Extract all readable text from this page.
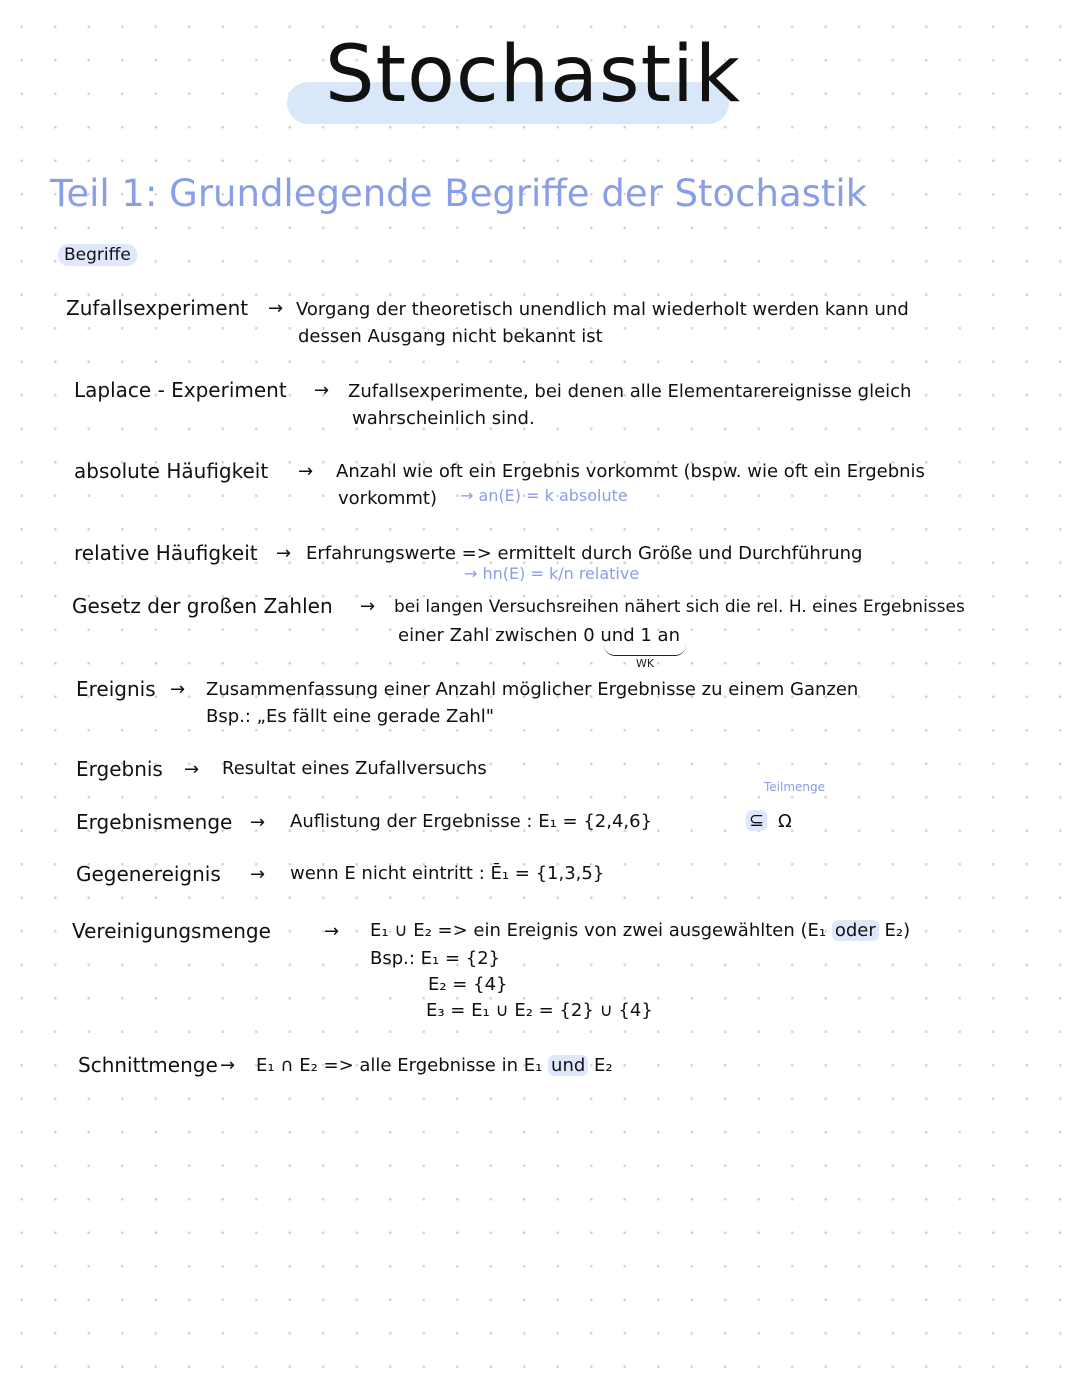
Stochastik
Teil 1: Grundlegende Begriffe der Stochastik
Begriffe
Zufallsexperiment → Vorgang der theoretisch unendlich mal wiederholt werden kann und
dessen Ausgang nicht bekannt ist
Laplace - Experiment → Zufallsexperimente, bei denen alle Elementarereignisse gleich
wahrscheinlich sind.
absolute Häufigkeit → Anzahl wie oft ein Ergebnis vorkommt (bspw. wie oft ein Ergebnis
vorkommt) → an(E) = k absolute
relative Häufigkeit → Erfahrungswerte => ermittelt durch Größe und Durchführung
→ hn(E) = k/n relative
Gesetz der großen Zahlen → bei langen Versuchsreihen nähert sich die rel. H. eines Ergebnisses
einer Zahl zwischen 0 und 1 an
WK
Ereignis → Zusammenfassung einer Anzahl möglicher Ergebnisse zu einem Ganzen
Bsp.: „Es fällt eine gerade Zahl"
Ergebnis → Resultat eines Zufallversuchs
Teilmenge
Ergebnismenge → Auflistung der Ergebnisse : E₁ = {2,4,6}	⊆ Ω
Gegenereignis → wenn E nicht eintritt : Ē₁ = {1,3,5}
Vereinigungsmenge	→ E₁ ∪ E₂ => ein Ereignis von zwei ausgewählten (E₁ oder E₂)
Bsp.: E₁ = {2}
E₂ = {4}
E₃ = E₁ ∪ E₂ = {2} ∪ {4}
Schnittmenge → E₁ ∩ E₂ => alle Ergebnisse in E₁ und E₂
